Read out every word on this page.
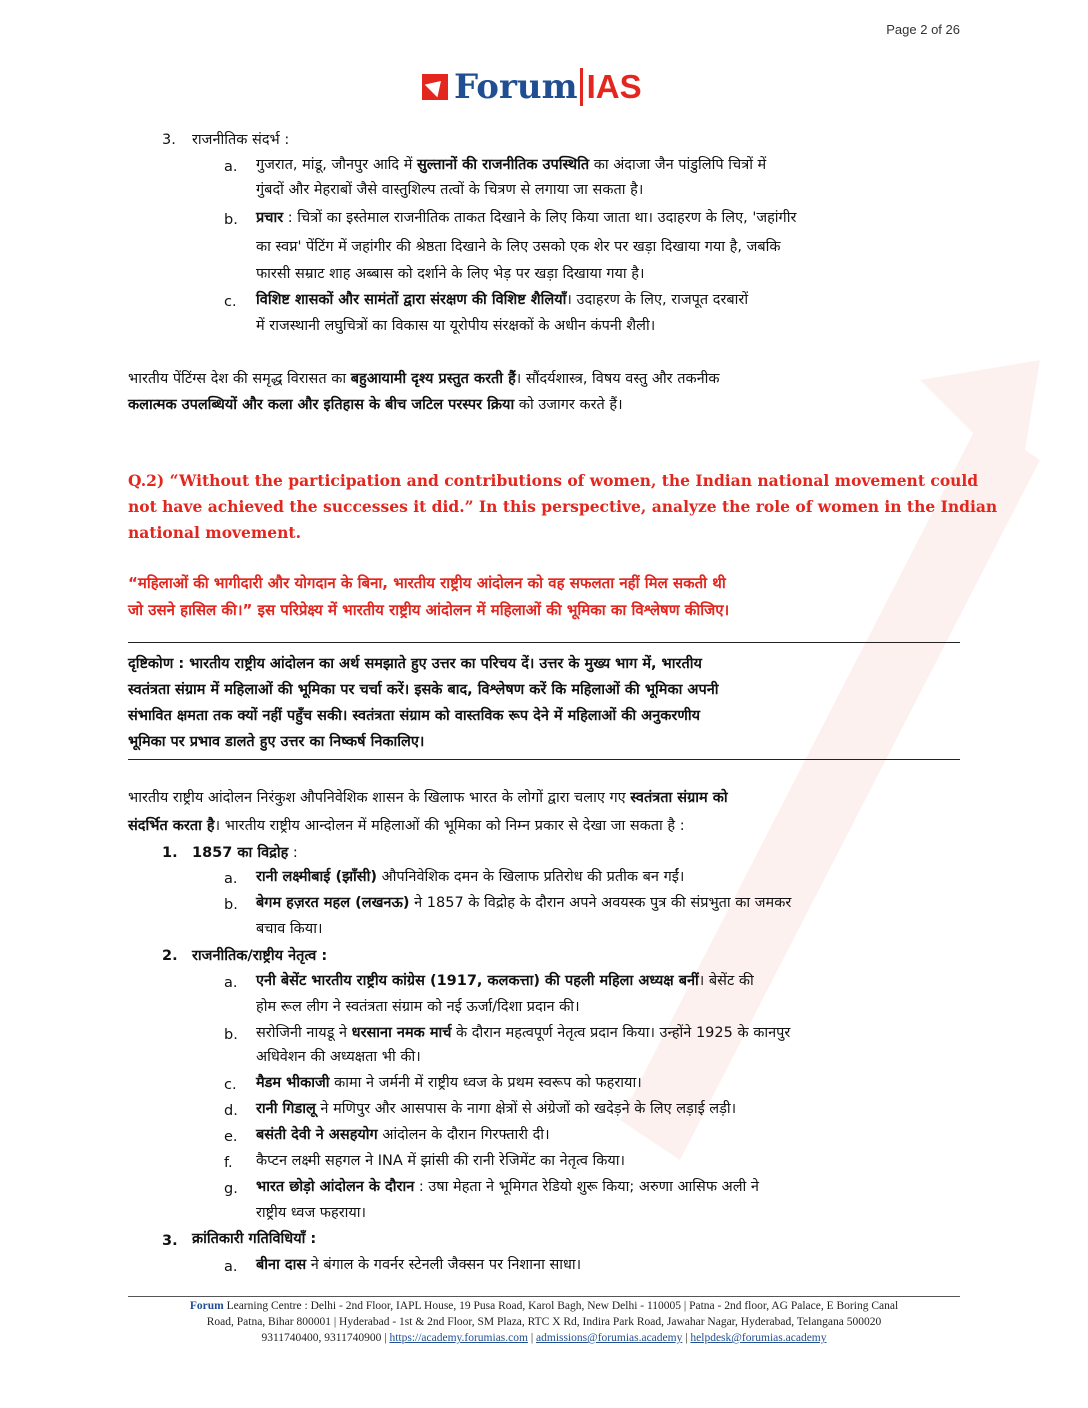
Page 2 of 26
Forum IAS
3. राजनीतिक संदर्भ :
a. गुजरात, मांडू, जौनपुर आदि में सुल्तानों की राजनीतिक उपस्थिति का अंदाजा जैन पांडुलिपि चित्रों में
गुंबदों और मेहराबों जैसे वास्तुशिल्प तत्वों के चित्रण से लगाया जा सकता है।
b. प्रचार : चित्रों का इस्तेमाल राजनीतिक ताकत दिखाने के लिए किया जाता था। उदाहरण के लिए, 'जहांगीर
का स्वप्न' पेंटिंग में जहांगीर की श्रेष्ठता दिखाने के लिए उसको एक शेर पर खड़ा दिखाया गया है, जबकि
फारसी सम्राट शाह अब्बास को दर्शाने के लिए भेड़ पर खड़ा दिखाया गया है।
c. विशिष्ट शासकों और सामंतों द्वारा संरक्षण की विशिष्ट शैलियाँ। उदाहरण के लिए, राजपूत दरबारों
में राजस्थानी लघुचित्रों का विकास या यूरोपीय संरक्षकों के अधीन कंपनी शैली।
भारतीय पेंटिंग्स देश की समृद्ध विरासत का बहुआयामी दृश्य प्रस्तुत करती हैं। सौंदर्यशास्त्र, विषय वस्तु और तकनीक
कलात्मक उपलब्धियों और कला और इतिहास के बीच जटिल परस्पर क्रिया को उजागर करते हैं।
Q.2) “Without the participation and contributions of women, the Indian national movement could
not have achieved the successes it did.” In this perspective, analyze the role of women in the Indian
national movement.
“महिलाओं की भागीदारी और योगदान के बिना, भारतीय राष्ट्रीय आंदोलन को वह सफलता नहीं मिल सकती थी
जो उसने हासिल की।” इस परिप्रेक्ष्य में भारतीय राष्ट्रीय आंदोलन में महिलाओं की भूमिका का विश्लेषण कीजिए।
दृष्टिकोण : भारतीय राष्ट्रीय आंदोलन का अर्थ समझाते हुए उत्तर का परिचय दें। उत्तर के मुख्य भाग में, भारतीय
स्वतंत्रता संग्राम में महिलाओं की भूमिका पर चर्चा करें। इसके बाद, विश्लेषण करें कि महिलाओं की भूमिका अपनी
संभावित क्षमता तक क्यों नहीं पहुँच सकी। स्वतंत्रता संग्राम को वास्तविक रूप देने में महिलाओं की अनुकरणीय
भूमिका पर प्रभाव डालते हुए उत्तर का निष्कर्ष निकालिए।
भारतीय राष्ट्रीय आंदोलन निरंकुश औपनिवेशिक शासन के खिलाफ भारत के लोगों द्वारा चलाए गए स्वतंत्रता संग्राम को
संदर्भित करता है। भारतीय राष्ट्रीय आन्दोलन में महिलाओं की भूमिका को निम्न प्रकार से देखा जा सकता है :
1. 1857 का विद्रोह :
a. रानी लक्ष्मीबाई (झाँसी) औपनिवेशिक दमन के खिलाफ प्रतिरोध की प्रतीक बन गईं।
b. बेगम हज़रत महल (लखनऊ) ने 1857 के विद्रोह के दौरान अपने अवयस्क पुत्र की संप्रभुता का जमकर
बचाव किया।
2. राजनीतिक/राष्ट्रीय नेतृत्व :
a. एनी बेसेंट भारतीय राष्ट्रीय कांग्रेस (1917, कलकत्ता) की पहली महिला अध्यक्ष बनीं। बेसेंट की
होम रूल लीग ने स्वतंत्रता संग्राम को नई ऊर्जा/दिशा प्रदान की।
b. सरोजिनी नायडू ने धरसाना नमक मार्च के दौरान महत्वपूर्ण नेतृत्व प्रदान किया। उन्होंने 1925 के कानपुर
अधिवेशन की अध्यक्षता भी की।
c. मैडम भीकाजी कामा ने जर्मनी में राष्ट्रीय ध्वज के प्रथम स्वरूप को फहराया।
d. रानी गिडालू ने मणिपुर और आसपास के नागा क्षेत्रों से अंग्रेजों को खदेड़ने के लिए लड़ाई लड़ी।
e. बसंती देवी ने असहयोग आंदोलन के दौरान गिरफ्तारी दी।
f. कैप्टन लक्ष्मी सहगल ने INA में झांसी की रानी रेजिमेंट का नेतृत्व किया।
g. भारत छोड़ो आंदोलन के दौरान : उषा मेहता ने भूमिगत रेडियो शुरू किया; अरुणा आसिफ अली ने
राष्ट्रीय ध्वज फहराया।
3. क्रांतिकारी गतिविधियाँ :
a. बीना दास ने बंगाल के गवर्नर स्टेनली जैक्सन पर निशाना साधा।
Forum Learning Centre : Delhi - 2nd Floor, IAPL House, 19 Pusa Road, Karol Bagh, New Delhi - 110005 | Patna - 2nd floor, AG Palace, E Boring Canal
Road, Patna, Bihar 800001 | Hyderabad - 1st & 2nd Floor, SM Plaza, RTC X Rd, Indira Park Road, Jawahar Nagar, Hyderabad, Telangana 500020
9311740400, 9311740900 | https://academy.forumias.com | admissions@forumias.academy | helpdesk@forumias.academy
